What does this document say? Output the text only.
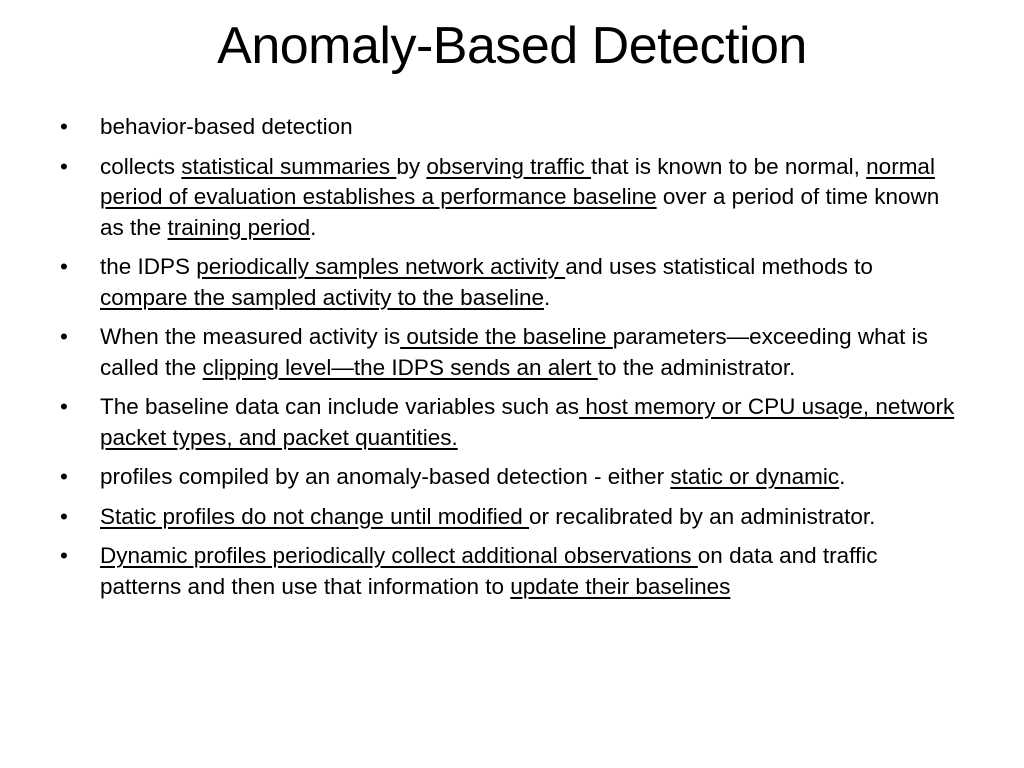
Anomaly-Based Detection
•	behavior-based detection
•	collects statistical summaries by observing traffic that is known to be normal, normal period of evaluation establishes a performance baseline over a period of time known as the training period.
•	the IDPS periodically samples network activity and uses statistical methods to compare the sampled activity to the baseline.
•	When the measured activity is outside the baseline parameters—exceeding what is called the clipping level—the IDPS sends an alert to the administrator.
•	The baseline data can include variables such as host memory or CPU usage, network packet types, and packet quantities.
•	profiles compiled by an anomaly-based detection - either static or dynamic.
•	Static profiles do not change until modified or recalibrated by an administrator.
•	Dynamic profiles periodically collect additional observations on data and traffic patterns and then use that information to update their baselines
